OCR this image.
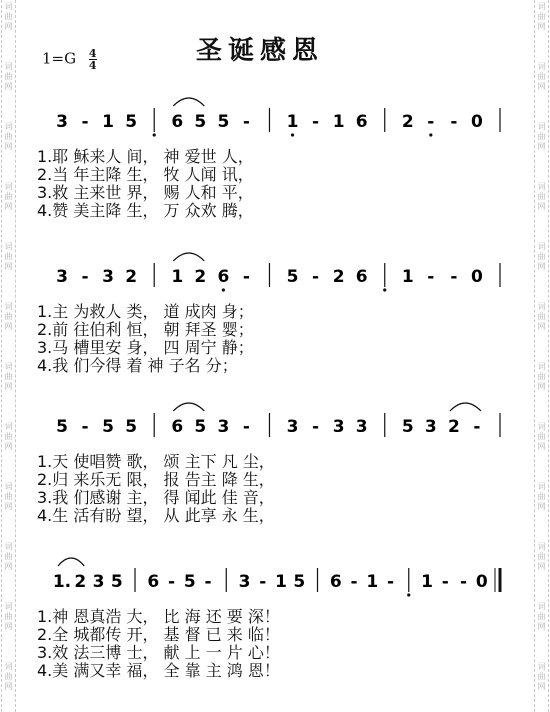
词
曲
网
词
曲
网
词
曲
网
词
曲
网
词
曲
网
词
曲
网
词
曲
网
词
曲
网
词
曲
网
词
曲
网
词
曲
网
词
曲
网
词
曲
网
词
曲
网
词
曲
网
词
曲
网
词
曲
网
词
曲
网
词
曲
网
词
曲
网
词
曲
网
词
曲
网
词
曲
网
词
曲
网
圣诞感恩
$1=G \frac{4}{4}$
3 - 1 5 6 5 5 - 1 - 1 6 2 - - 0
1.耶 稣来人 间， 神 爱世 人，
2.当 年主降 生， 牧 人闻 讯，
3.救 主来世 界， 赐 人和 平，
4.赞 美主降 生， 万 众欢 腾，
3 - 3 2 1 2 6 - 5 - 2 6 1 - - 0
1.主 为救人 类， 道 成肉 身；
2.前 往伯利 恒， 朝 拜圣 婴；
3.马 槽里安 身， 四 周宁 静；
4.我 们今得 着 神 子名 分；
5 - 5 5 6 5 3 - 3 - 3 3 5 3 2 -
1.天 使唱赞 歌， 颂 主下 凡 尘，
2.归 来乐无 限， 报 告主 降 生，
3.我 们感谢 主， 得 闻此 佳 音，
4.生 活有盼 望， 从 此享 永 生，
1. 2 3 5 6 - 5 - 3 - 1 5 6 - 1 - 1 - - 0
1.神 恩真浩 大， 比 海 还 要 深！
2.全 城都传 开， 基 督 已 来 临！
3.效 法三博 士， 献 上 一 片 心！
4.美 满又幸 福， 全 靠 主 鸿 恩！
